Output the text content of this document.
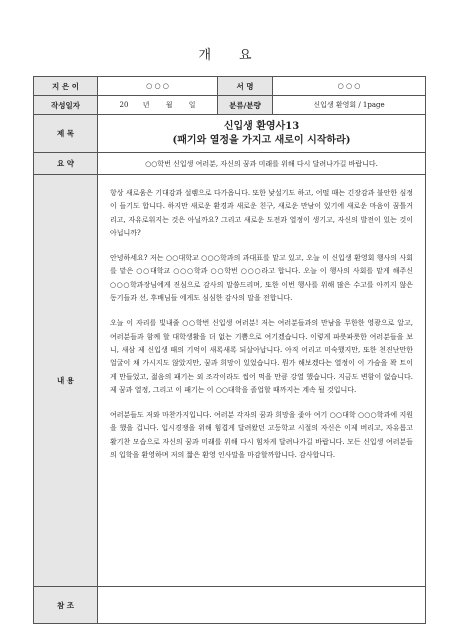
개 요
지 은 이	○ ○ ○	서 명	○ ○ ○
작성일자	20 년 월 일	분류/분량	신입생 환영회 / 1page
제 목	신입생 환영사13
(패기와 열정을 가지고 새로이 시작하라)		

요 약	○○학번 신입생 여러분, 자신의 꿈과 미래를 위해 다시 달려나가길 바랍니다.		
내 용	항상 새로움은 기대감과 설렘으로 다가옵니다. 또한 낯설기도 하고, 어떨 때는 긴장감과 불안한 심정이 들기도 합니다. 하지만 새로운 환경과 새로운 친구, 새로운 만남이 있기에 새로운 마음이 꿈틀거리고, 자유로워지는 것은 아닐까요? 그리고 새로운 도전과 열정이 생기고, 자신의 발전이 있는 것이 아닙니까?

안녕하세요? 저는 ○○대학교 ○○○학과의 과대표를 맡고 있고, 오늘 이 신입생 환영회 행사의 사회를 맡은 ○○대학교 ○○○학과 ○○학번 ○○○라고 합니다. 오늘 이 행사의 사회를 맡게 해주신 ○○○학과장님에게 진심으로 감사의 말씀드리며, 또한 이번 행사를 위해 많은 수고를 아끼지 않은 동기들과 선, 후배님들 에게도 심심한 감사의 말을 전합니다.

오늘 이 자리를 빛내줄 ○○학번 신입생 여러분! 저는 여러분들과의 만남을 무한한 영광으로 알고, 여러분들과 함께 할 대학생활을 더 없는 기쁨으로 여기겠습니다. 이렇게 파릇파릇한 여러분들을 보니, 새삼 제 신입생 때의 기억이 새록새록 되살아납니다. 아직 어리고 미숙했지만, 또한 천진난만한 얼굴이 채 가시지도 않았지만, 꿈과 희망이 있었습니다. 뭔가 해보겠다는 열정이 이 가슴을 꽉 트이게 만들었고, 젊음의 패기는 외 조각이라도 씹어 먹을 만큼 강열 했습니다. 지금도 변함이 없습니다. 제 꿈과 열정, 그리고 이 패기는 이 ○○대학을 졸업할 때까지는 계속 될 것입니다.

여러분들도 저와 마찬가지입니다. 여러분 각자의 꿈과 희망을 좇아 여기 ○○대학 ○○○학과에 지원을 했을 겁니다. 입시경쟁을 위해 힘겹게 달려왔던 고등학교 시절의 자신은 이제 버리고, 자유롭고 활기찬 모습으로 자신의 꿈과 미래를 위해 다시 힘차게 달려나가길 바랍니다. 모든 신입생 여러분들의 입학을 환영하며 저의 짧은 환영 인사말을 마감할까합니다. 감사합니다.		

참 조			
